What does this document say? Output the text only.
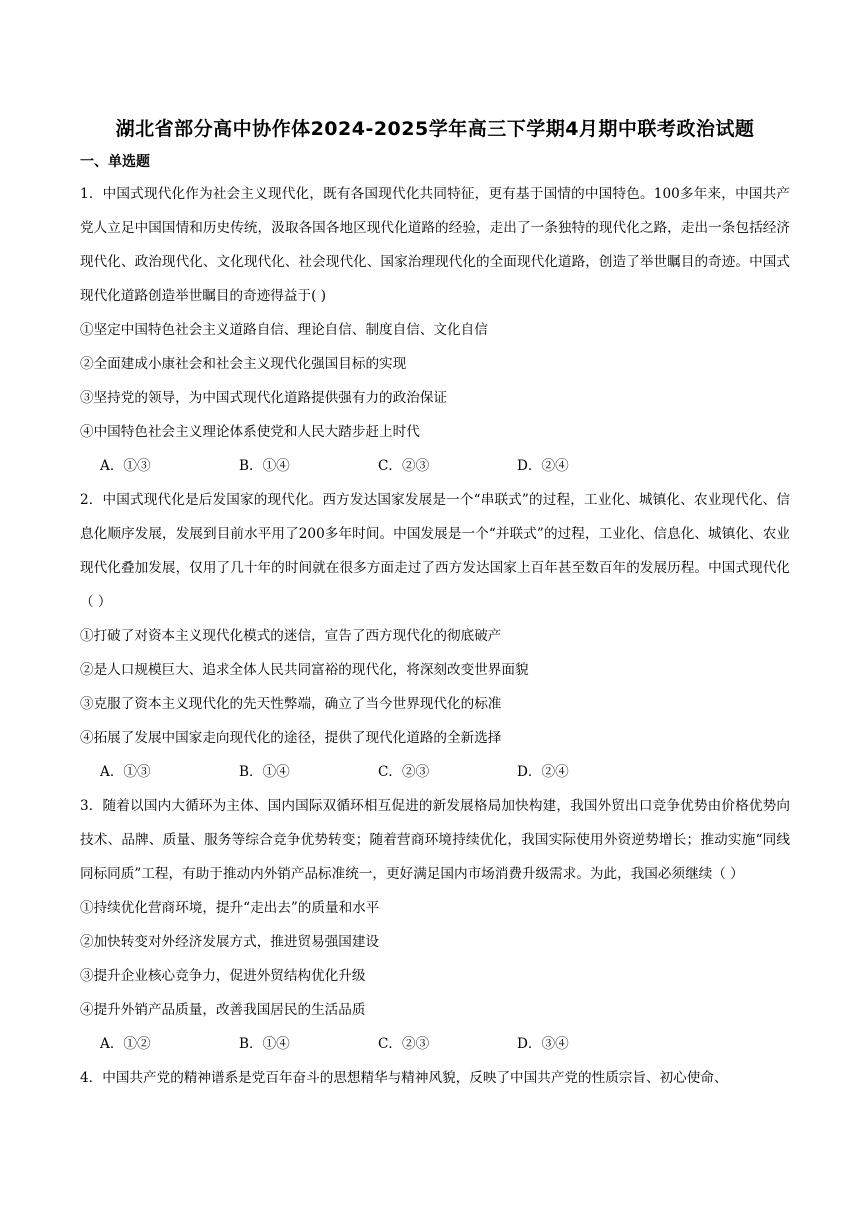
湖北省部分高中协作体2024-2025学年高三下学期4月期中联考政治试题
一、单选题

1．中国式现代化作为社会主义现代化，既有各国现代化共同特征，更有基于国情的中国特色。100多年来，中国共产党人立足中国国情和历史传统，汲取各国各地区现代化道路的经验，走出了一条独特的现代化之路，走出一条包括经济现代化、政治现代化、文化现代化、社会现代化、国家治理现代化的全面现代化道路，创造了举世瞩目的奇迹。中国式现代化道路创造举世瞩目的奇迹得益于( )

①坚定中国特色社会主义道路自信、理论自信、制度自信、文化自信

②全面建成小康社会和社会主义现代化强国目标的实现

③坚持党的领导，为中国式现代化道路提供强有力的政治保证

④中国特色社会主义理论体系使党和人民大踏步赶上时代

A．①③	B．①④	C．②③	D．②④

2．中国式现代化是后发国家的现代化。西方发达国家发展是一个“串联式”的过程，工业化、城镇化、农业现代化、信息化顺序发展，发展到目前水平用了200多年时间。中国发展是一个“并联式”的过程，工业化、信息化、城镇化、农业现代化叠加发展，仅用了几十年的时间就在很多方面走过了西方发达国家上百年甚至数百年的发展历程。中国式现代化（ ）

①打破了对资本主义现代化模式的迷信，宣告了西方现代化的彻底破产

②是人口规模巨大、追求全体人民共同富裕的现代化，将深刻改变世界面貌

③克服了资本主义现代化的先天性弊端，确立了当今世界现代化的标准

④拓展了发展中国家走向现代化的途径，提供了现代化道路的全新选择

A．①③	B．①④	C．②③	D．②④

3．随着以国内大循环为主体、国内国际双循环相互促进的新发展格局加快构建，我国外贸出口竞争优势由价格优势向技术、品牌、质量、服务等综合竞争优势转变；随着营商环境持续优化，我国实际使用外资逆势增长；推动实施“同线同标同质”工程，有助于推动内外销产品标准统一，更好满足国内市场消费升级需求。为此，我国必须继续（ ）

①持续优化营商环境，提升“走出去”的质量和水平

②加快转变对外经济发展方式，推进贸易强国建设

③提升企业核心竞争力，促进外贸结构优化升级

④提升外销产品质量，改善我国居民的生活品质

A．①②	B．①④	C．②③	D．③④

4．中国共产党的精神谱系是党百年奋斗的思想精华与精神风貌，反映了中国共产党的性质宗旨、初心使命、
